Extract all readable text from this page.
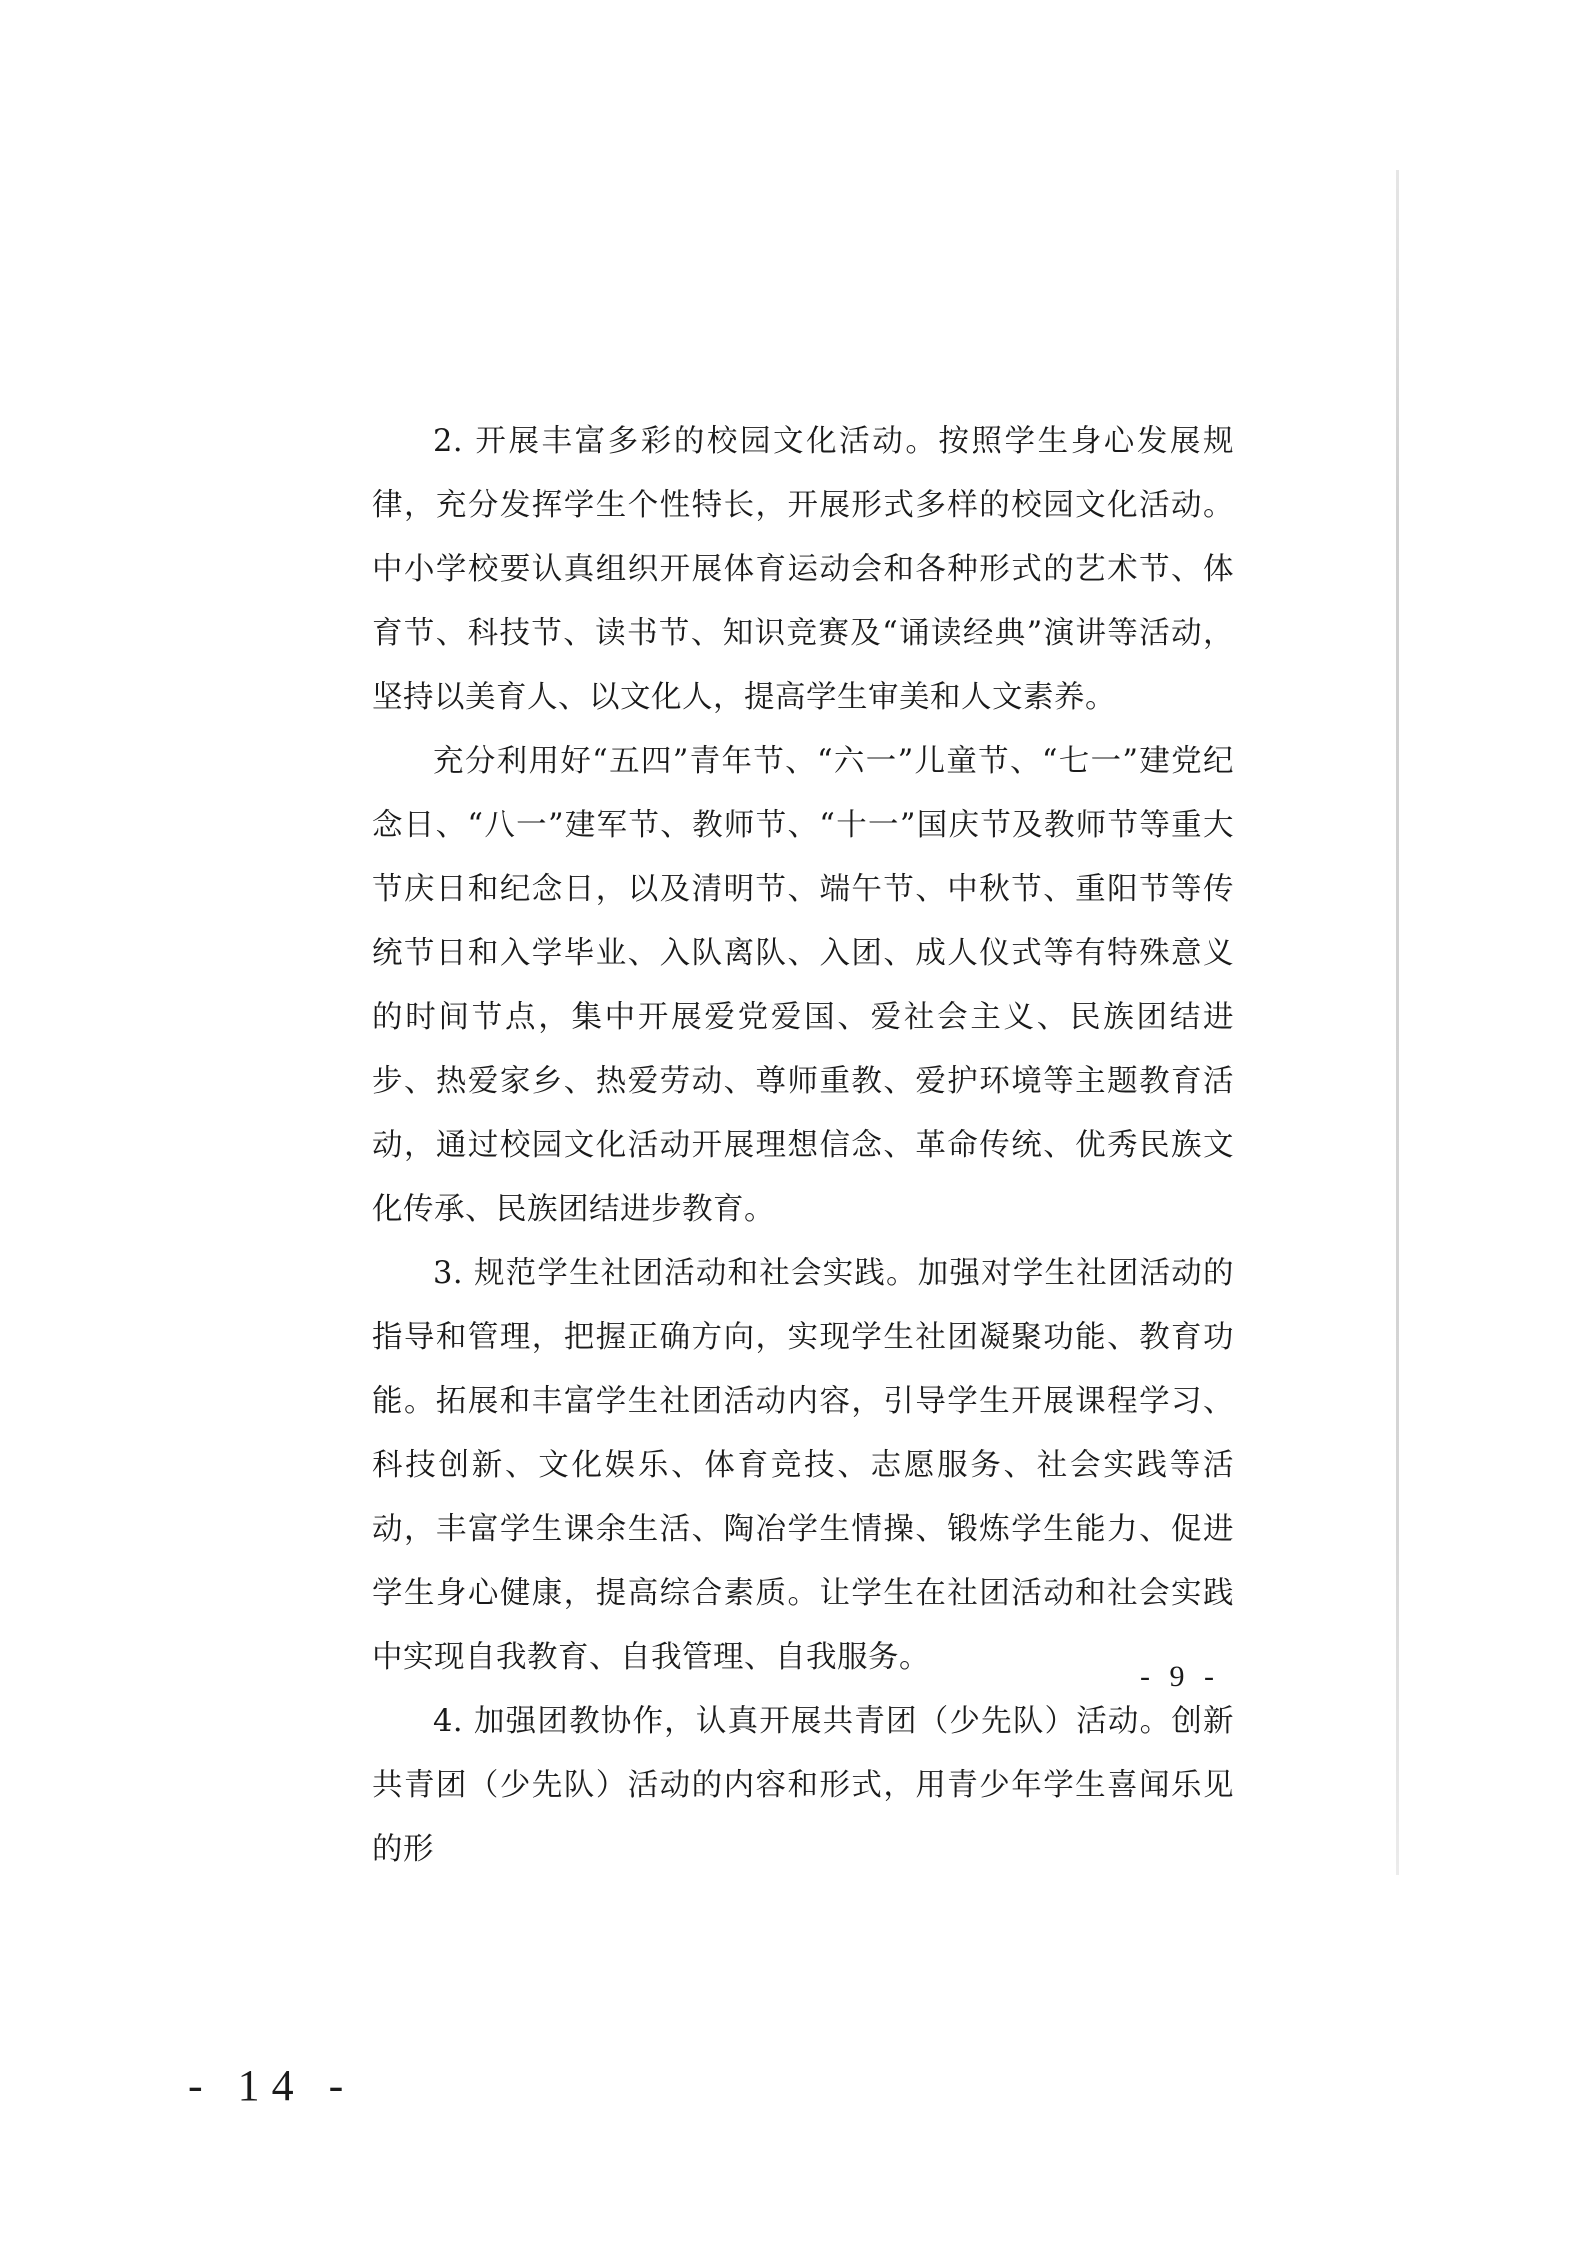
2. 开展丰富多彩的校园文化活动。按照学生身心发展规律，充分发挥学生个性特长，开展形式多样的校园文化活动。中小学校要认真组织开展体育运动会和各种形式的艺术节、体育节、科技节、读书节、知识竞赛及“诵读经典”演讲等活动，坚持以美育人、以文化人，提高学生审美和人文素养。

充分利用好“五四”青年节、“六一”儿童节、“七一”建党纪念日、“八一”建军节、教师节、“十一”国庆节及教师节等重大节庆日和纪念日，以及清明节、端午节、中秋节、重阳节等传统节日和入学毕业、入队离队、入团、成人仪式等有特殊意义的时间节点，集中开展爱党爱国、爱社会主义、民族团结进步、热爱家乡、热爱劳动、尊师重教、爱护环境等主题教育活动，通过校园文化活动开展理想信念、革命传统、优秀民族文化传承、民族团结进步教育。

3. 规范学生社团活动和社会实践。加强对学生社团活动的指导和管理，把握正确方向，实现学生社团凝聚功能、教育功能。拓展和丰富学生社团活动内容，引导学生开展课程学习、科技创新、文化娱乐、体育竞技、志愿服务、社会实践等活动，丰富学生课余生活、陶冶学生情操、锻炼学生能力、促进学生身心健康，提高综合素质。让学生在社团活动和社会实践中实现自我教育、自我管理、自我服务。

4. 加强团教协作，认真开展共青团（少先队）活动。创新共青团（少先队）活动的内容和形式，用青少年学生喜闻乐见的形

- 9 -
- 14 -
